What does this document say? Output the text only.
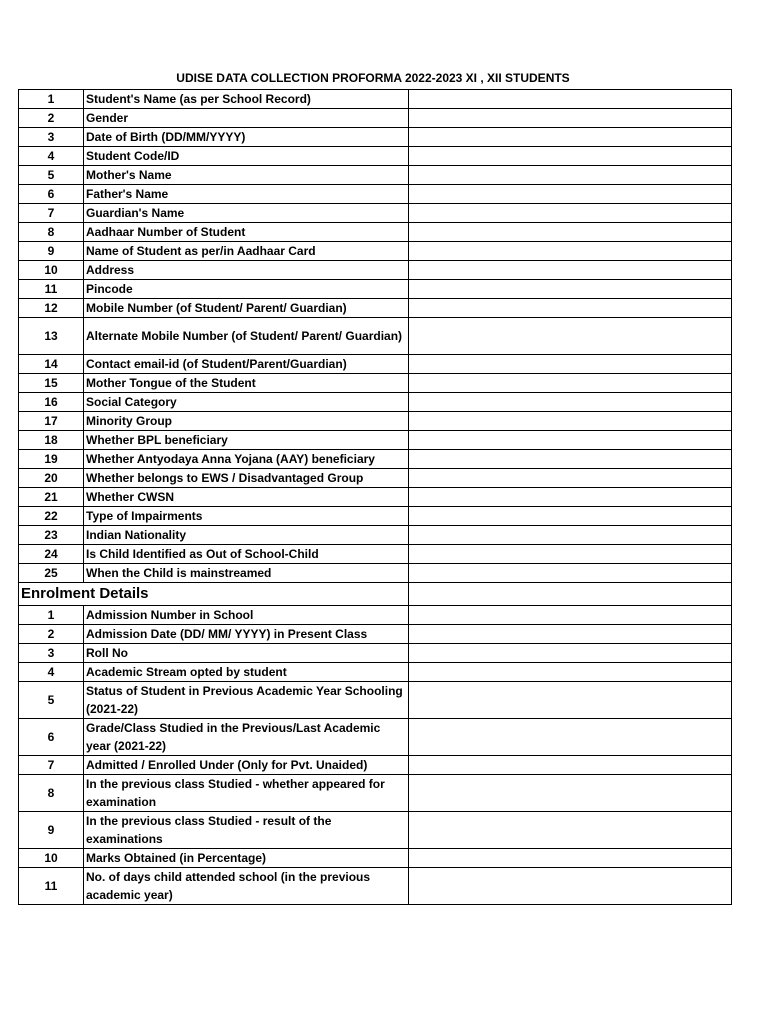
UDISE DATA COLLECTION PROFORMA 2022-2023 XI , XII STUDENTS
1	Student's Name (as per School Record)	
2	Gender	
3	Date of Birth (DD/MM/YYYY)	
4	Student Code/ID	
5	Mother's Name	
6	Father's Name	
7	Guardian's Name	
8	Aadhaar Number of Student	
9	Name of Student as per/in Aadhaar Card	
10	Address	
11	Pincode	
12	Mobile Number (of Student/ Parent/ Guardian)	
13	Alternate Mobile Number (of Student/ Parent/ Guardian)	
14	Contact email-id (of Student/Parent/Guardian)	
15	Mother Tongue of the Student	
16	Social Category	
17	Minority Group	
18	Whether BPL beneficiary	
19	Whether Antyodaya Anna Yojana (AAY) beneficiary	
20	Whether belongs to EWS / Disadvantaged Group	
21	Whether CWSN	
22	Type of Impairments	
23	Indian Nationality	
24	Is Child Identified as Out of School-Child	
25	When the Child is mainstreamed	
Enrolment Details		
1	Admission Number in School	
2	Admission Date (DD/ MM/ YYYY) in Present Class	
3	Roll No	
4	Academic Stream opted by student	
5	Status of Student in Previous Academic Year Schooling (2021-22)	
6	Grade/Class Studied in the Previous/Last Academic year (2021-22)	
7	Admitted / Enrolled Under (Only for Pvt. Unaided)	
8	In the previous class Studied - whether appeared for examination	
9	In the previous class Studied - result of the examinations	
10	Marks Obtained (in Percentage)	
11	No. of days child attended school (in the previous academic year)	
